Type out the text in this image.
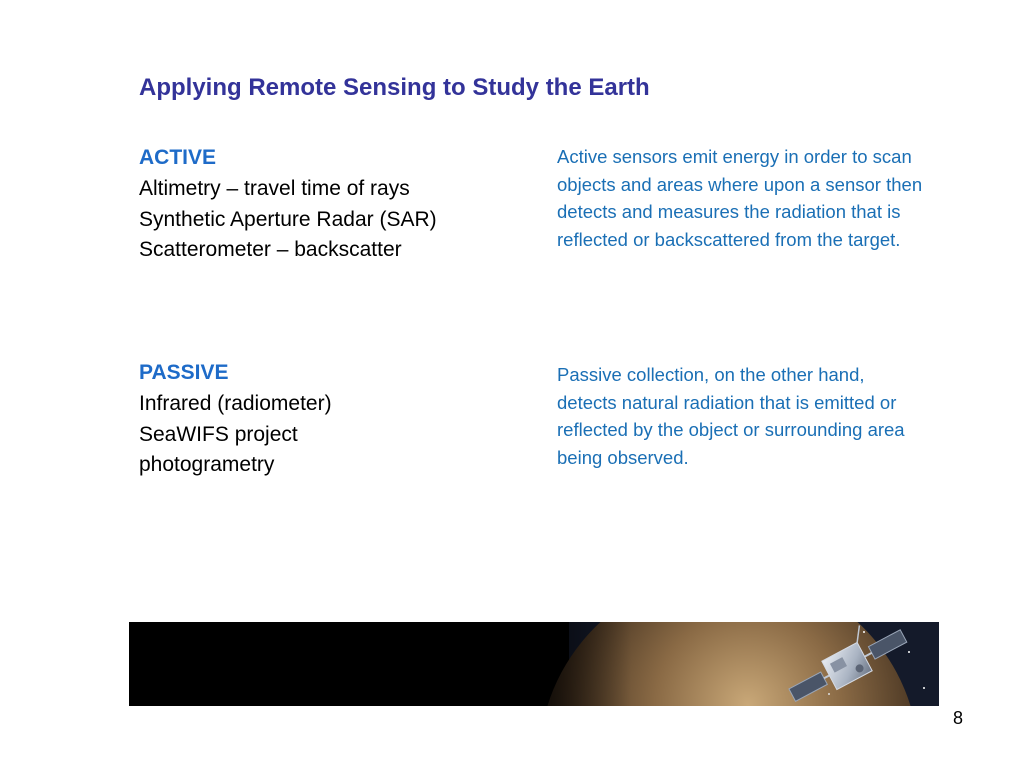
Applying Remote Sensing to Study the Earth
ACTIVE
Altimetry – travel time of rays
Synthetic Aperture Radar (SAR)
Scatterometer – backscatter
Active sensors emit energy in order to scan objects and areas where upon a sensor then detects and measures the radiation that is reflected or backscattered from the target.
PASSIVE
Infrared (radiometer)
SeaWIFS project
photogrametry
Passive collection, on the other hand, detects natural radiation that is emitted or reflected by the object or surrounding area being observed.
8
